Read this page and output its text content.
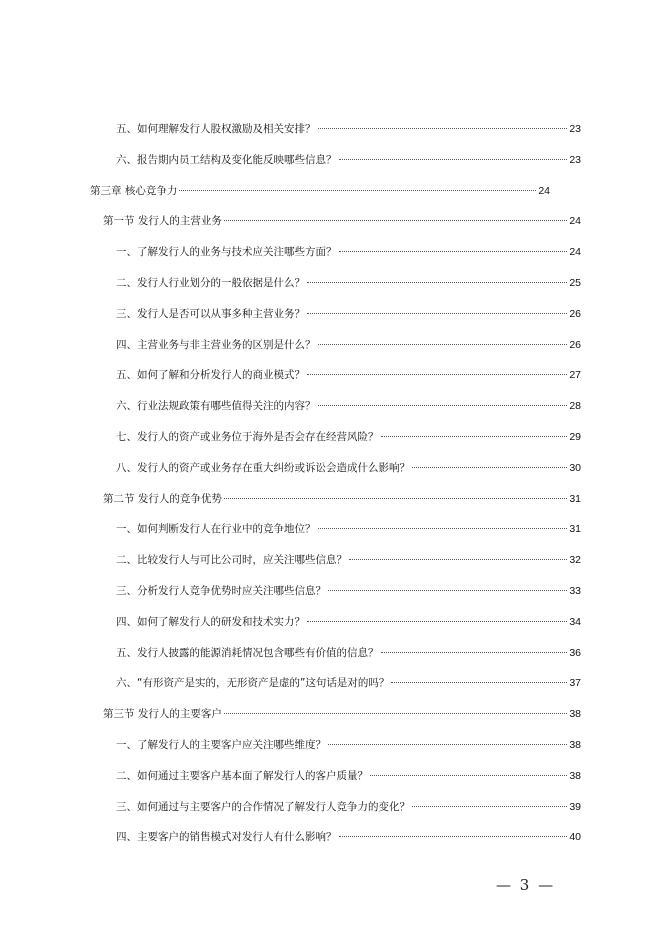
五、如何理解发行人股权激励及相关安排？	23
六、报告期内员工结构及变化能反映哪些信息？	23
第三章 核心竞争力	24
第一节 发行人的主营业务	24
一、了解发行人的业务与技术应关注哪些方面？	24
二、发行人行业划分的一般依据是什么？	25
三、发行人是否可以从事多种主营业务？	26
四、主营业务与非主营业务的区别是什么？	26
五、如何了解和分析发行人的商业模式？	27
六、行业法规政策有哪些值得关注的内容？	28
七、发行人的资产或业务位于海外是否会存在经营风险？	29
八、发行人的资产或业务存在重大纠纷或诉讼会造成什么影响？	30
第二节 发行人的竞争优势	31
一、如何判断发行人在行业中的竞争地位？	31
二、比较发行人与可比公司时，应关注哪些信息？	32
三、分析发行人竞争优势时应关注哪些信息？	33
四、如何了解发行人的研发和技术实力？	34
五、发行人披露的能源消耗情况包含哪些有价值的信息？	36
六、“有形资产是实的，无形资产是虚的”这句话是对的吗？	37
第三节 发行人的主要客户	38
一、了解发行人的主要客户应关注哪些维度？	38
二、如何通过主要客户基本面了解发行人的客户质量？	38
三、如何通过与主要客户的合作情况了解发行人竞争力的变化？	39
四、主要客户的销售模式对发行人有什么影响？	40
— 3 —
